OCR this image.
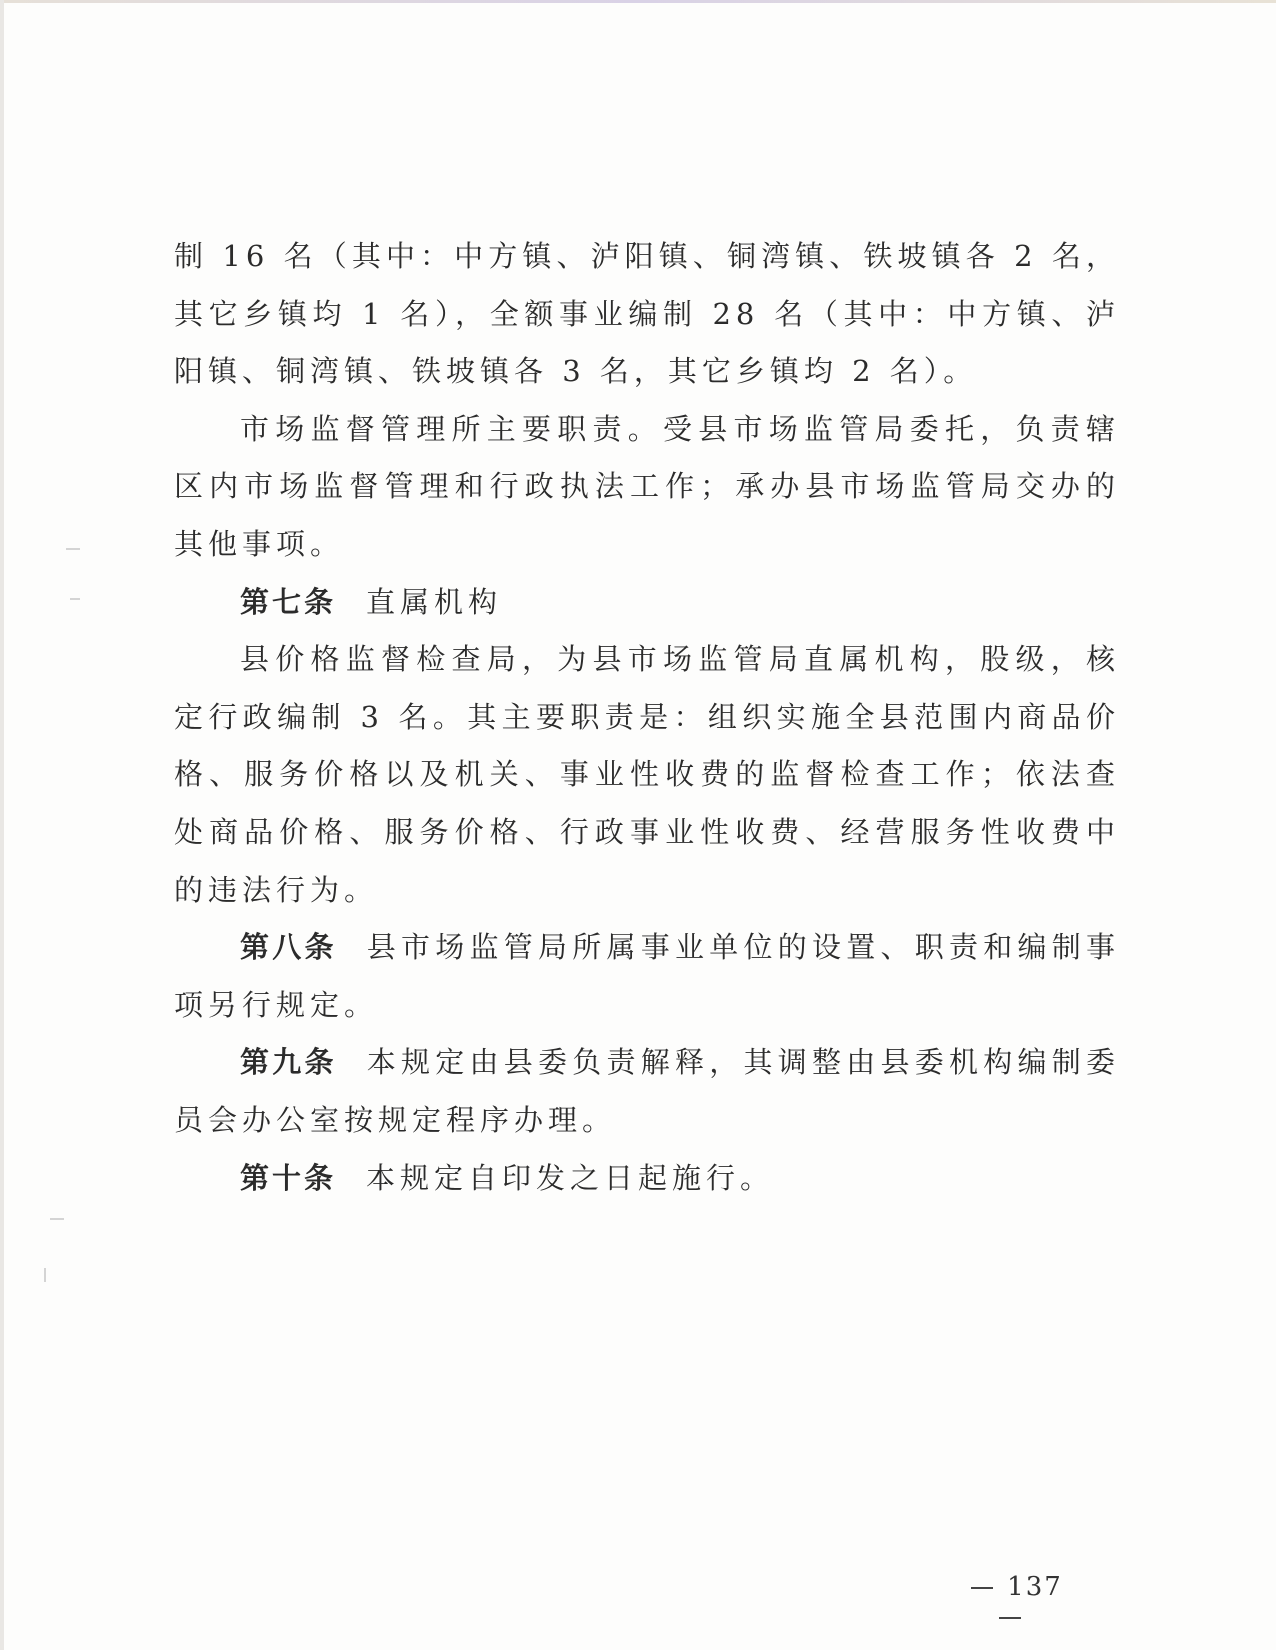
制 16 名（其中：中方镇、泸阳镇、铜湾镇、铁坡镇各 2 名，其它乡镇均 1 名），全额事业编制 28 名（其中：中方镇、泸阳镇、铜湾镇、铁坡镇各 3 名，其它乡镇均 2 名）。

市场监督管理所主要职责。受县市场监管局委托，负责辖区内市场监督管理和行政执法工作；承办县市场监管局交办的其他事项。

第七条 直属机构

县价格监督检查局，为县市场监管局直属机构，股级，核定行政编制 3 名。其主要职责是：组织实施全县范围内商品价格、服务价格以及机关、事业性收费的监督检查工作；依法查处商品价格、服务价格、行政事业性收费、经营服务性收费中的违法行为。

第八条 县市场监管局所属事业单位的设置、职责和编制事项另行规定。

第九条 本规定由县委负责解释，其调整由县委机构编制委员会办公室按规定程序办理。

第十条 本规定自印发之日起施行。

137
